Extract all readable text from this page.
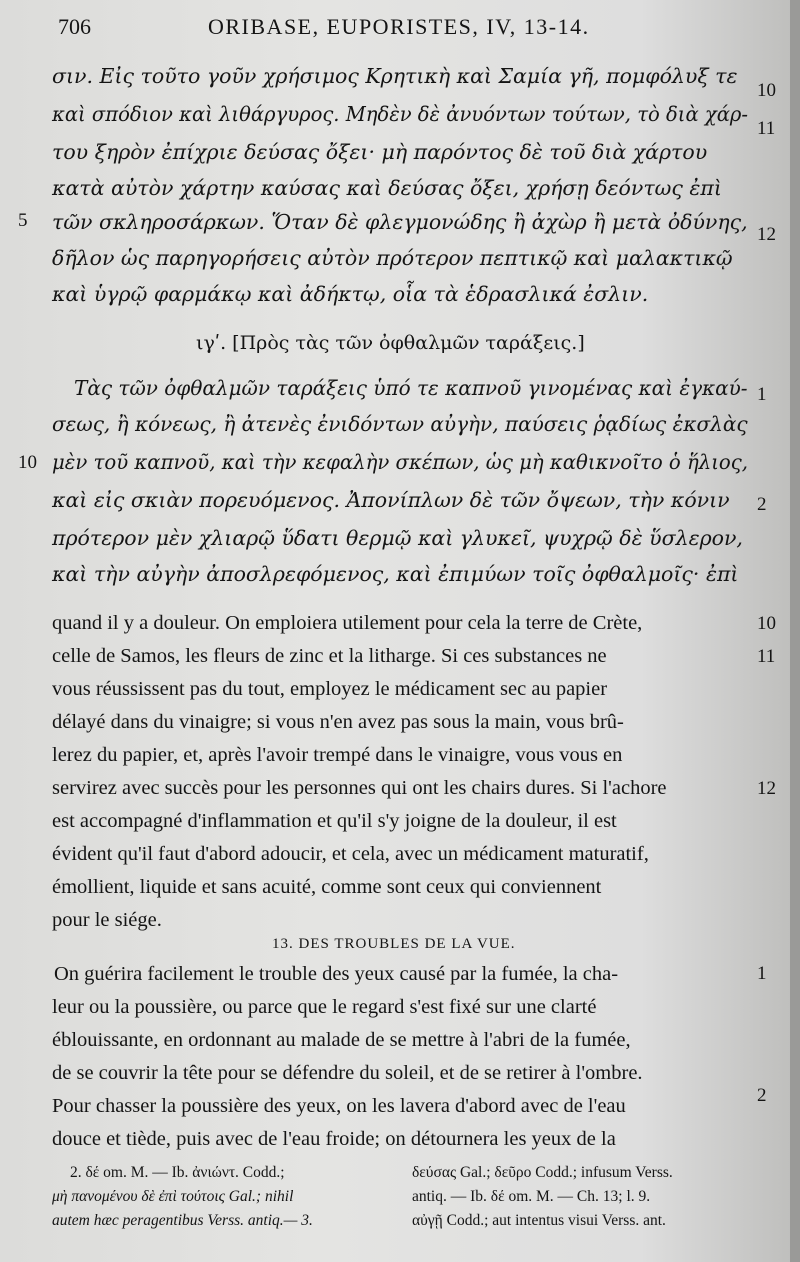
706	ORIBASE, EUPORISTES, IV, 13-14.
σιν. Εἰς τοῦτο γοῦν χρήσιμος Κρητικὴ καὶ Σαμία γῆ, πομφόλυξ τε
καὶ σπόδιον καὶ λιθάργυρος. Μηδὲν δὲ ἀνυόντων τούτων, τὸ διὰ χάρ-
του ξηρὸν ἐπίχριε δεύσας ὄξει· μὴ παρόντος δὲ τοῦ διὰ χάρτου
κατὰ αὐτὸν χάρτην καύσας καὶ δεύσας ὄξει, χρήσῃ δεόντως ἐπὶ
τῶν σκληροσάρκων. Ὅταν δὲ φλεγμονώδης ἢ ἀχὼρ ἢ μετὰ ὀδύνης,
δῆλον ὡς παρηγορήσεις αὐτὸν πρότερον πεπτικῷ καὶ μαλακτικῷ
καὶ ὑγρῷ φαρμάκῳ καὶ ἀδήκτῳ, οἷα τὰ ἑδρασλικά ἐσλιν.
10
11
12
5
ιγʹ. [Πρὸς τὰς τῶν ὀφθαλμῶν ταράξεις.]
Τὰς τῶν ὀφθαλμῶν ταράξεις ὑπό τε καπνοῦ γινομένας καὶ ἐγκαύ-
σεως, ἢ κόνεως, ἢ ἀτενὲς ἐνιδόντων αὐγὴν, παύσεις ῥᾳδίως ἐκσλὰς
μὲν τοῦ καπνοῦ, καὶ τὴν κεφαλὴν σκέπων, ὡς μὴ καθικνοῖτο ὁ ἥλιος,
καὶ εἰς σκιὰν πορευόμενος. Ἀπονίπλων δὲ τῶν ὄψεων, τὴν κόνιν
πρότερον μὲν χλιαρῷ ὕδατι θερμῷ καὶ γλυκεῖ, ψυχρῷ δὲ ὕσλερον,
καὶ τὴν αὐγὴν ἀποσλρεφόμενος, καὶ ἐπιμύων τοῖς ὀφθαλμοῖς· ἐπὶ
1
2
10
quand il y a douleur. On emploiera utilement pour cela la terre de Crète,
celle de Samos, les fleurs de zinc et la litharge. Si ces substances ne
vous réussissent pas du tout, employez le médicament sec au papier
délayé dans du vinaigre; si vous n'en avez pas sous la main, vous brû-
lerez du papier, et, après l'avoir trempé dans le vinaigre, vous vous en
servirez avec succès pour les personnes qui ont les chairs dures. Si l'achore
est accompagné d'inflammation et qu'il s'y joigne de la douleur, il est
évident qu'il faut d'abord adoucir, et cela, avec un médicament maturatif,
émollient, liquide et sans acuité, comme sont ceux qui conviennent
pour le siége.
10
11
12
13. DES TROUBLES DE LA VUE.
On guérira facilement le trouble des yeux causé par la fumée, la cha-
leur ou la poussière, ou parce que le regard s'est fixé sur une clarté
éblouissante, en ordonnant au malade de se mettre à l'abri de la fumée,
de se couvrir la tête pour se défendre du soleil, et de se retirer à l'ombre.
Pour chasser la poussière des yeux, on les lavera d'abord avec de l'eau
douce et tiède, puis avec de l'eau froide; on détournera les yeux de la
1
2
2. δέ om. M. — Ib. ἀνιώντ. Codd.;
μὴ πανομένου δὲ ἐπὶ τούτοις Gal.; nihil
autem hæc peragentibus Verss. antiq.— 3.
δεύσας Gal.; δεῦρο Codd.; infusum Verss.
antiq. — Ib. δέ om. M. — Ch. 13; l. 9.
αὐγῇ Codd.; aut intentus visui Verss. ant.
